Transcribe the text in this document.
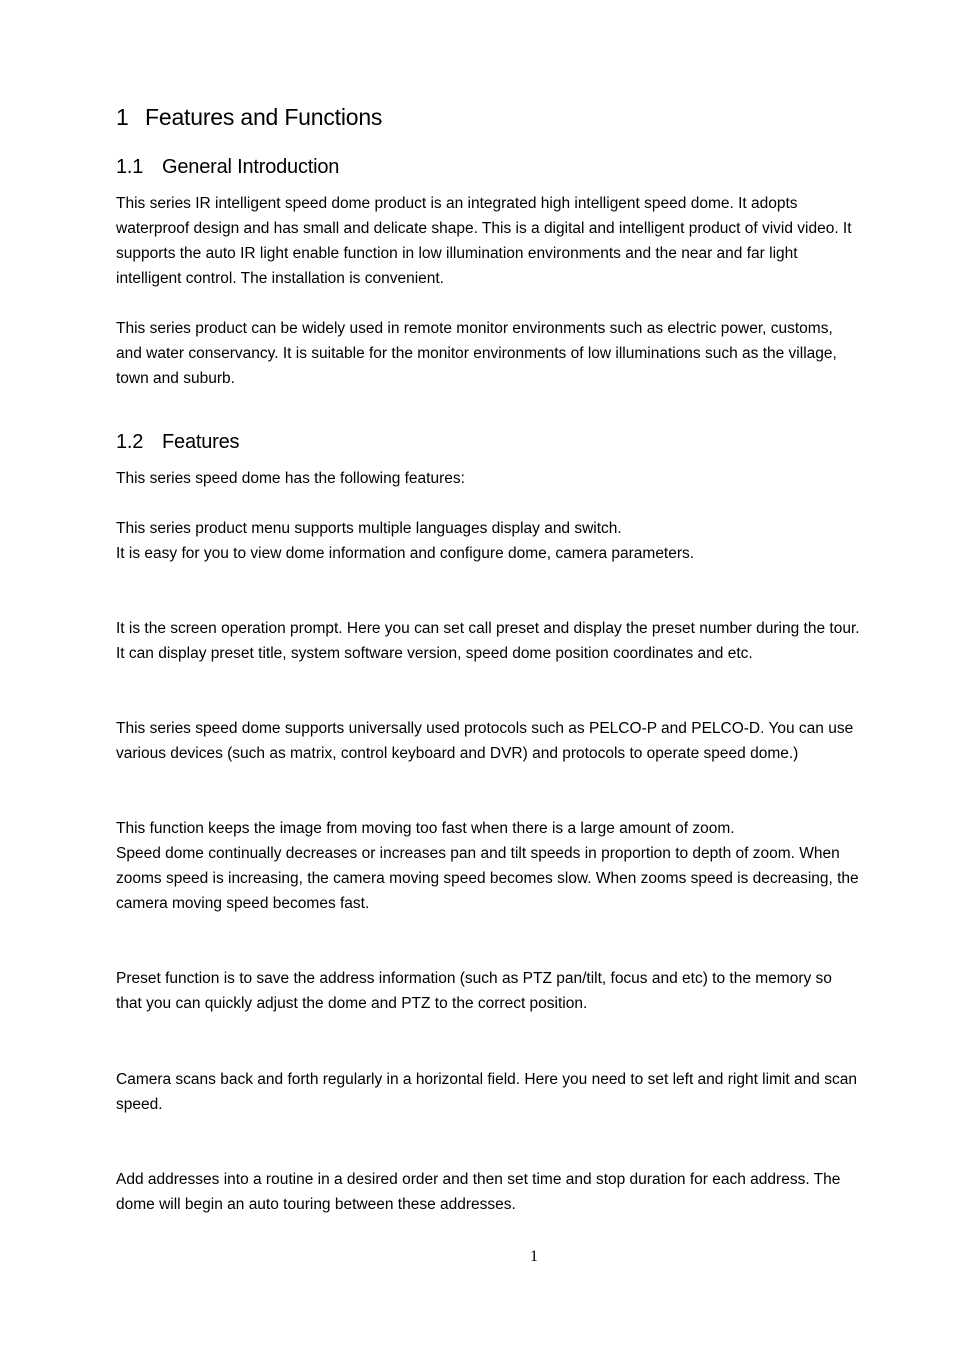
1 Features and Functions
1.1 General Introduction

This series IR intelligent speed dome product is an integrated high intelligent speed dome. It adopts
waterproof design and has small and delicate shape. This is a digital and intelligent product of vivid video. It
supports the auto IR light enable function in low illumination environments and the near and far light
intelligent control. The installation is convenient.

This series product can be widely used in remote monitor environments such as electric power, customs,
and water conservancy. It is suitable for the monitor environments of low illuminations such as the village,
town and suburb.

1.2 Features

This series speed dome has the following features:

This series product menu supports multiple languages display and switch.
It is easy for you to view dome information and configure dome, camera parameters.

It is the screen operation prompt. Here you can set call preset and display the preset number during the tour.
It can display preset title, system software version, speed dome position coordinates and etc.

This series speed dome supports universally used protocols such as PELCO-P and PELCO-D. You can use
various devices (such as matrix, control keyboard and DVR) and protocols to operate speed dome.)

This function keeps the image from moving too fast when there is a large amount of zoom.
Speed dome continually decreases or increases pan and tilt speeds in proportion to depth of zoom. When
zooms speed is increasing, the camera moving speed becomes slow. When zooms speed is decreasing, the
camera moving speed becomes fast.

Preset function is to save the address information (such as PTZ pan/tilt, focus and etc) to the memory so
that you can quickly adjust the dome and PTZ to the correct position.

Camera scans back and forth regularly in a horizontal field. Here you need to set left and right limit and scan
speed.

Add addresses into a routine in a desired order and then set time and stop duration for each address. The
dome will begin an auto touring between these addresses.

1
